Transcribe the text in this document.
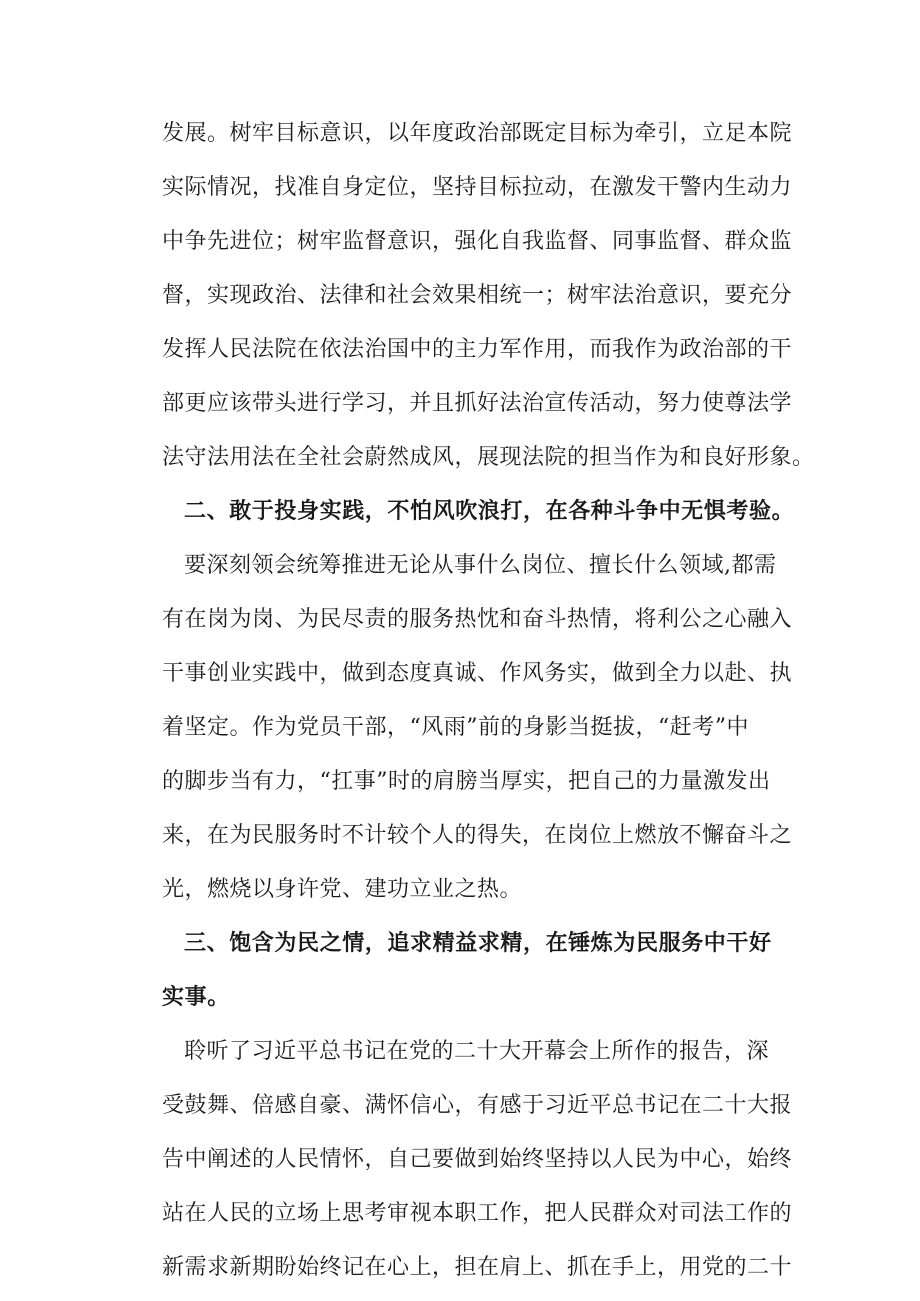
发展。树牢目标意识，以年度政治部既定目标为牵引，立足本院
实际情况，找准自身定位，坚持目标拉动，在激发干警内生动力
中争先进位；树牢监督意识，强化自我监督、同事监督、群众监
督，实现政治、法律和社会效果相统一；树牢法治意识，要充分
发挥人民法院在依法治国中的主力军作用，而我作为政治部的干
部更应该带头进行学习，并且抓好法治宣传活动，努力使尊法学
法守法用法在全社会蔚然成风，展现法院的担当作为和良好形象。
二、敢于投身实践，不怕风吹浪打，在各种斗争中无惧考验。
要深刻领会统筹推进无论从事什么岗位、擅长什么领域,都需
有在岗为岗、为民尽责的服务热忱和奋斗热情，将利公之心融入
干事创业实践中，做到态度真诚、作风务实，做到全力以赴、执
着坚定。作为党员干部，“风雨”前的身影当挺拔，“赶考”中
的脚步当有力，“扛事”时的肩膀当厚实，把自己的力量激发出
来，在为民服务时不计较个人的得失，在岗位上燃放不懈奋斗之
光，燃烧以身许党、建功立业之热。
三、饱含为民之情，追求精益求精，在锤炼为民服务中干好
实事。
聆听了习近平总书记在党的二十大开幕会上所作的报告，深
受鼓舞、倍感自豪、满怀信心，有感于习近平总书记在二十大报
告中阐述的人民情怀，自己要做到始终坚持以人民为中心，始终
站在人民的立场上思考审视本职工作，把人民群众对司法工作的
新需求新期盼始终记在心上，担在肩上、抓在手上，用党的二十
